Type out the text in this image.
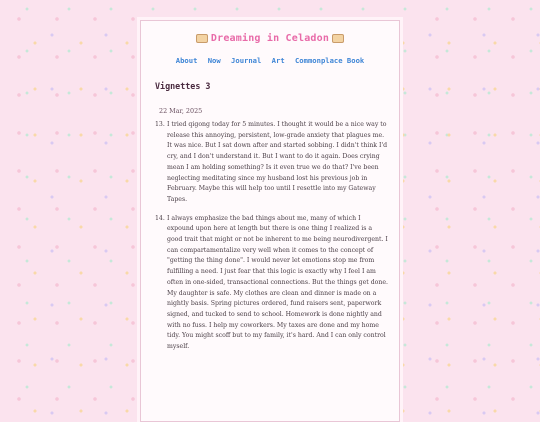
Dreaming in Celadon
About Now Journal Art Commonplace Book
Vignettes 3
22 Mar, 2025
13. I tried qigong today for 5 minutes. I thought it would be a nice way to release this annoying, persistent, low-grade anxiety that plagues me. It was nice. But I sat down after and started sobbing. I didn't think I'd cry, and I don't understand it. But I want to do it again. Does crying mean I am holding something? Is it even true we do that? I've been neglecting meditating since my husband lost his previous job in February. Maybe this will help too until I resettle into my Gateway Tapes.
14. I always emphasize the bad things about me, many of which I expound upon here at length but there is one thing I realized is a good trait that might or not be inherent to me being neurodivergent. I can compartamentalize very well when it comes to the concept of "getting the thing done". I would never let emotions stop me from fulfilling a need. I just fear that this logic is exactly why I feel I am often in one-sided, transactional connections. But the things get done. My daughter is safe. My clothes are clean and dinner is made on a nightly basis. Spring pictures ordered, fund raisers sent, paperwork signed, and tucked to send to school. Homework is done nightly and with no fuss. I help my coworkers. My taxes are done and my home tidy. You might scoff but to my family, it's hard. And I can only control myself.
